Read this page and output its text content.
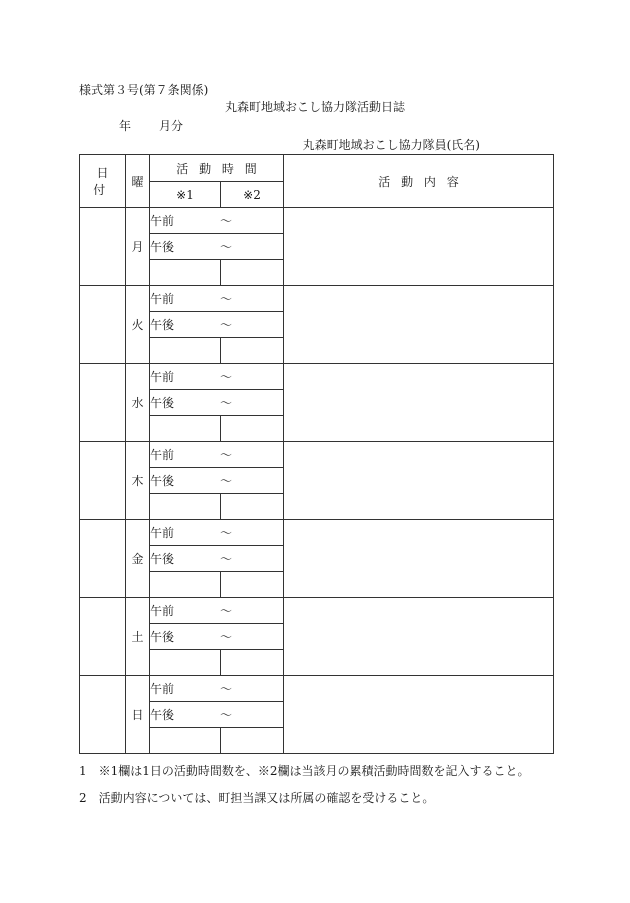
様式第３号(第７条関係)
丸森町地域おこし協力隊活動日誌
年 月分
丸森町地域おこし協力隊員(氏名)
日　付	曜	活動時間		活動内容
		※1	※2	
	月	午前 ～		
		午後 ～		

	火	午前 ～		
		午後 ～		

	水	午前 ～		
		午後 ～		

	木	午前 ～		
		午後 ～		

	金	午前 ～		
		午後 ～		

	土	午前 ～		
		午後 ～		

	日	午前 ～		
		午後 ～		

1　※1欄は1日の活動時間数を、※2欄は当該月の累積活動時間数を記入すること。
2　活動内容については、町担当課又は所属の確認を受けること。
